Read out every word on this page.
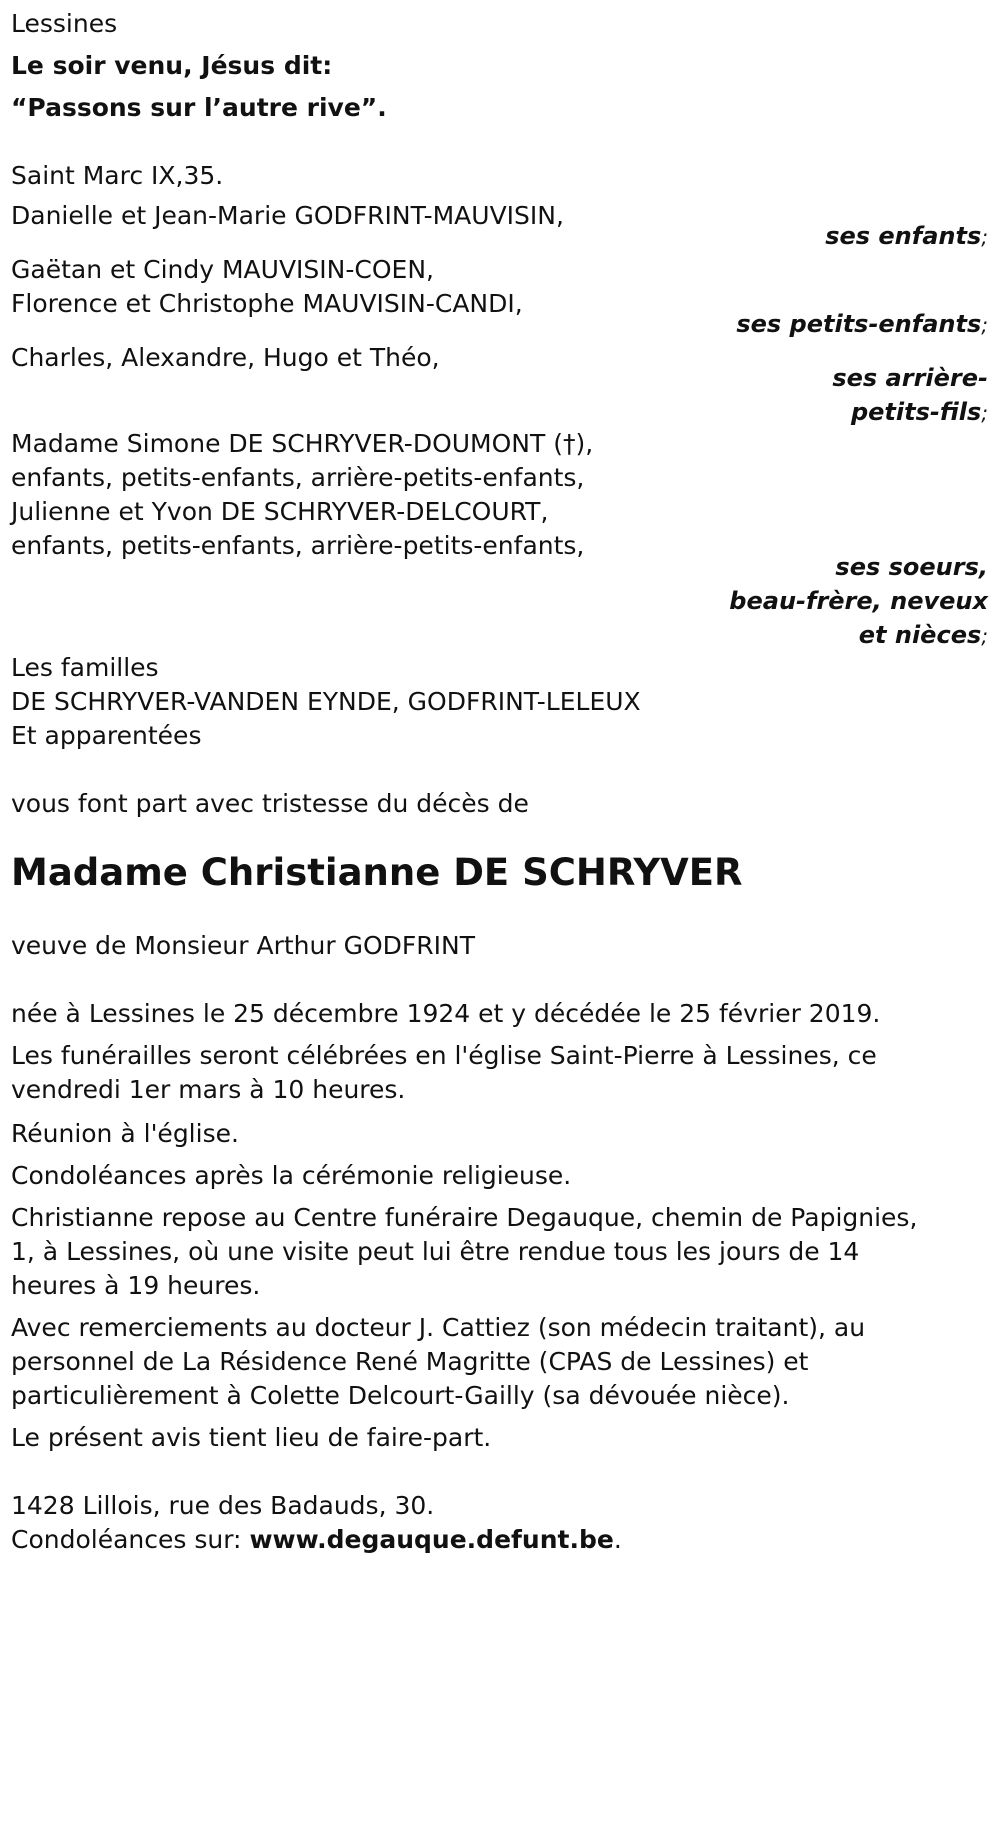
Lessines
Le soir venu, Jésus dit:
“Passons sur l’autre rive”.
Saint Marc IX,35.
Danielle et Jean-Marie GODFRINT-MAUVISIN,
ses enfants;
Gaëtan et Cindy MAUVISIN-COEN,
Florence et Christophe MAUVISIN-CANDI,
ses petits-enfants;
Charles, Alexandre, Hugo et Théo,
ses arrière-
petits-fils;
Madame Simone DE SCHRYVER-DOUMONT (†),
enfants, petits-enfants, arrière-petits-enfants,
Julienne et Yvon DE SCHRYVER-DELCOURT,
enfants, petits-enfants, arrière-petits-enfants,
ses soeurs,
beau-frère, neveux
et nièces;
Les familles
DE SCHRYVER-VANDEN EYNDE, GODFRINT-LELEUX
Et apparentées
vous font part avec tristesse du décès de
Madame Christianne DE SCHRYVER
veuve de Monsieur Arthur GODFRINT
née à Lessines le 25 décembre 1924 et y décédée le 25 février 2019.
Les funérailles seront célébrées en l'église Saint-Pierre à Lessines, ce
vendredi 1er mars à 10 heures.
Réunion à l'église.
Condoléances après la cérémonie religieuse.
Christianne repose au Centre funéraire Degauque, chemin de Papignies,
1, à Lessines, où une visite peut lui être rendue tous les jours de 14
heures à 19 heures.
Avec remerciements au docteur J. Cattiez (son médecin traitant), au
personnel de La Résidence René Magritte (CPAS de Lessines) et
particulièrement à Colette Delcourt-Gailly (sa dévouée nièce).
Le présent avis tient lieu de faire-part.
1428 Lillois, rue des Badauds, 30.
Condoléances sur: www.degauque.defunt.be.
